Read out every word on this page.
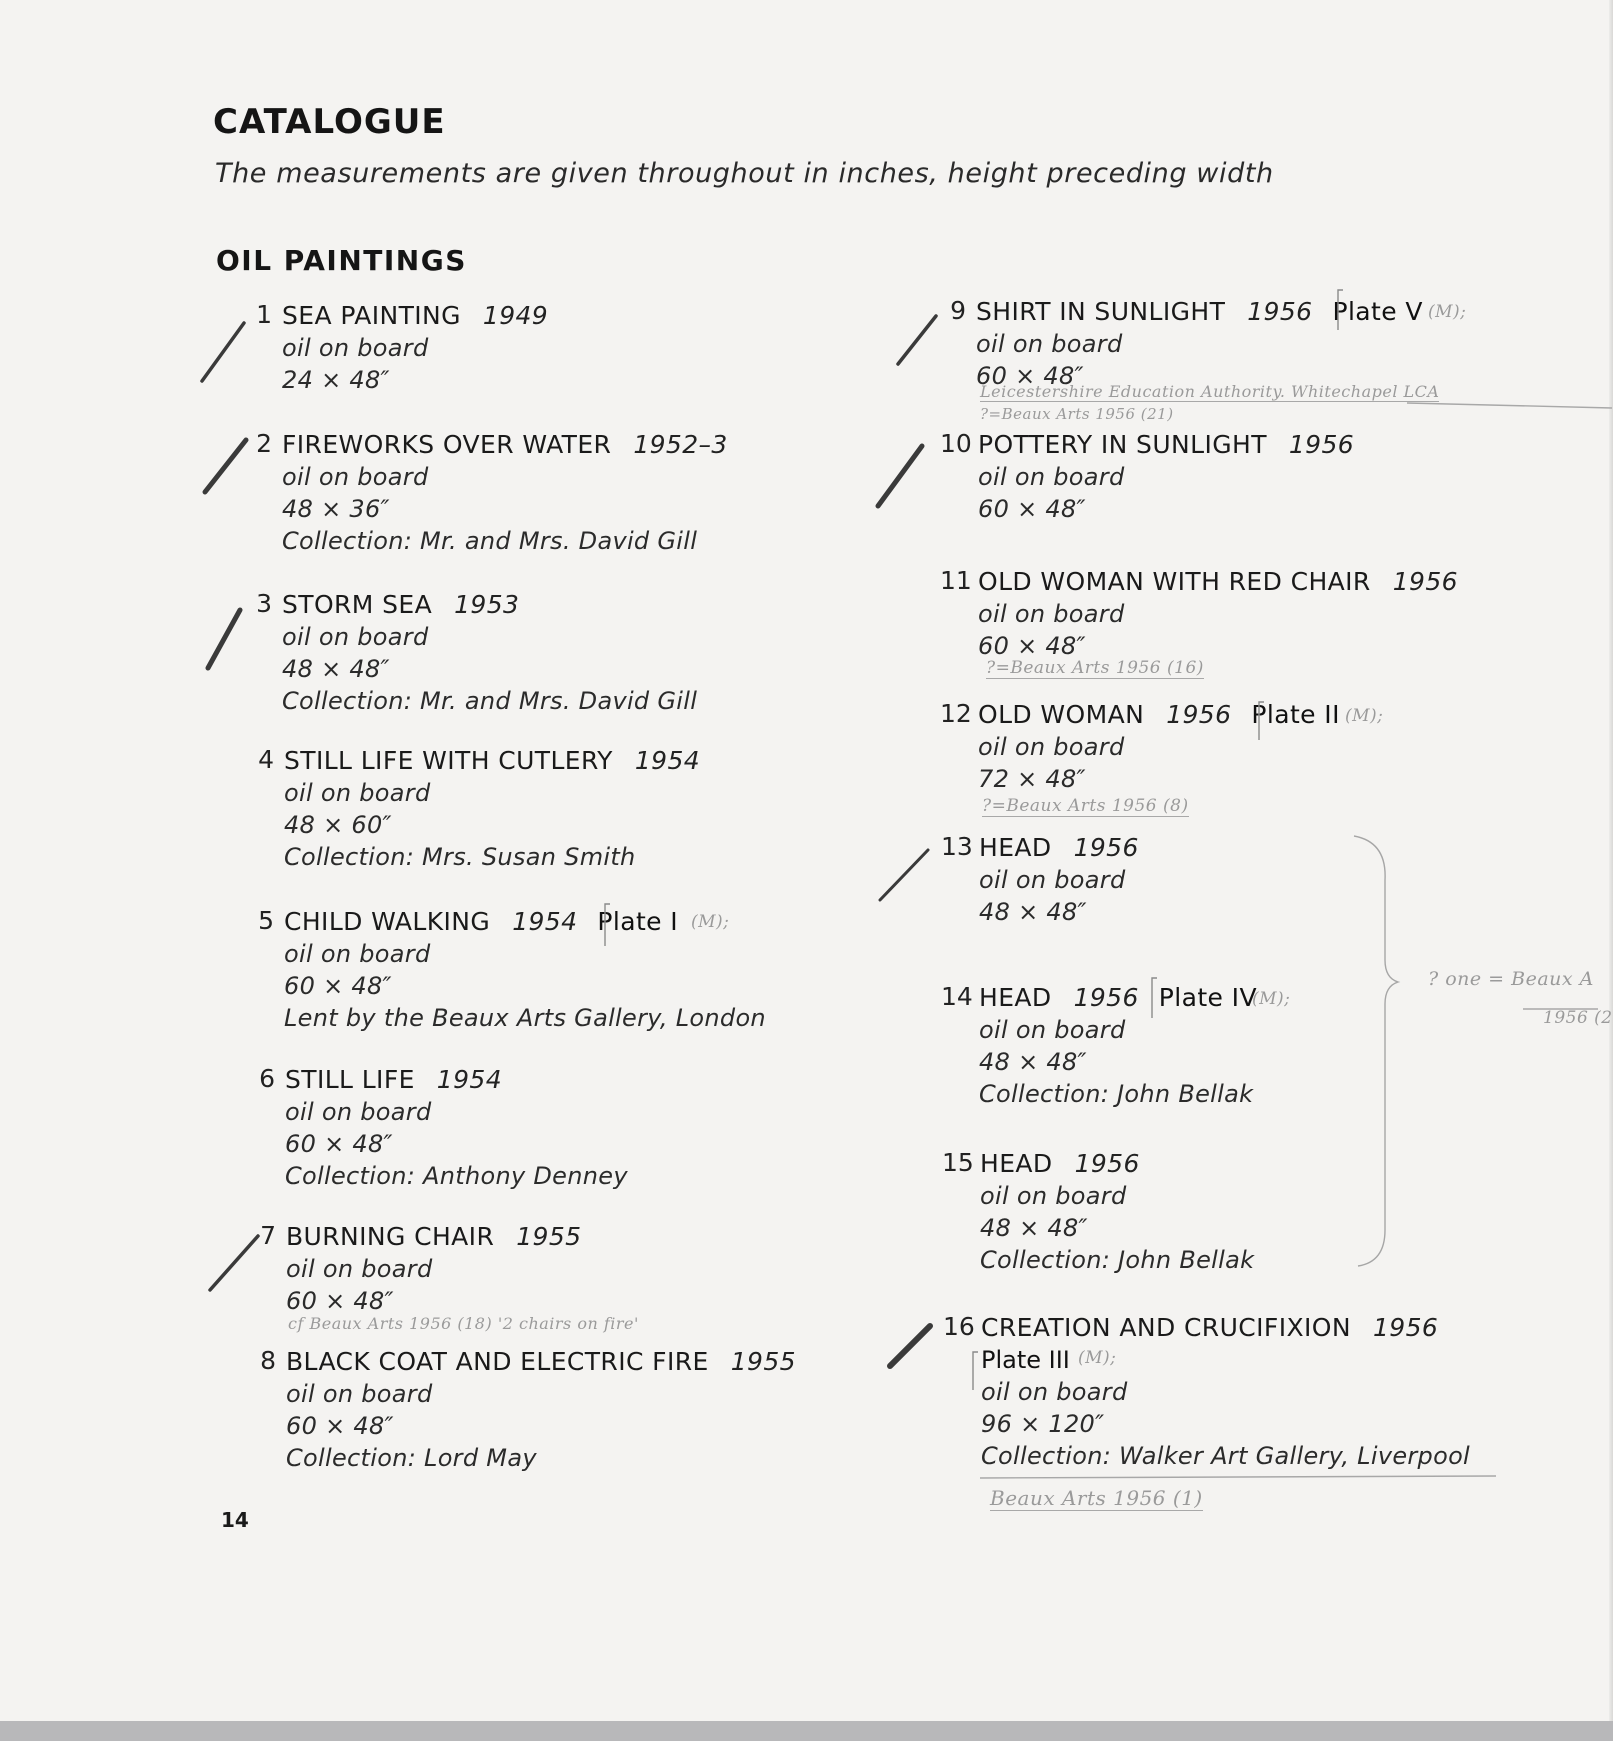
CATALOGUE

The measurements are given throughout in inches, height preceding width

OIL PAINTINGS
1 SEA PAINTING 1949
oil on board
24 × 48″
2 FIREWORKS OVER WATER 1952–3
oil on board
48 × 36″
Collection: Mr. and Mrs. David Gill
3 STORM SEA 1953
oil on board
48 × 48″
Collection: Mr. and Mrs. David Gill
4 STILL LIFE WITH CUTLERY 1954
oil on board
48 × 60″
Collection: Mrs. Susan Smith
5 CHILD WALKING 1954 Plate I
oil on board
60 × 48″
Lent by the Beaux Arts Gallery, London
6 STILL LIFE 1954
oil on board
60 × 48″
Collection: Anthony Denney
7 BURNING CHAIR 1955
oil on board
60 × 48″
8 BLACK COAT AND ELECTRIC FIRE 1955
oil on board
60 × 48″
Collection: Lord May
9 SHIRT IN SUNLIGHT 1956 Plate V
oil on board
60 × 48″
10 POTTERY IN SUNLIGHT 1956
oil on board
60 × 48″
11 OLD WOMAN WITH RED CHAIR 1956
oil on board
60 × 48″
12 OLD WOMAN 1956 Plate II
oil on board
72 × 48″
13 HEAD 1956
oil on board
48 × 48″
14 HEAD 1956 Plate IV
oil on board
48 × 48″
Collection: John Bellak
15 HEAD 1956
oil on board
48 × 48″
Collection: John Bellak
16 CREATION AND CRUCIFIXION 1956
Plate III
oil on board
96 × 120″
Collection: Walker Art Gallery, Liverpool
(M);
(M);
Leicestershire Education Authority. Whitechapel LCA
?=Beaux Arts 1956 (21)
?=Beaux Arts 1956 (16)
(M);
?=Beaux Arts 1956 (8)
(M);
(M);
cf Beaux Arts 1956 (18) '2 chairs on fire'
Beaux Arts 1956 (1)
? one = Beaux A
1956 (2
14
